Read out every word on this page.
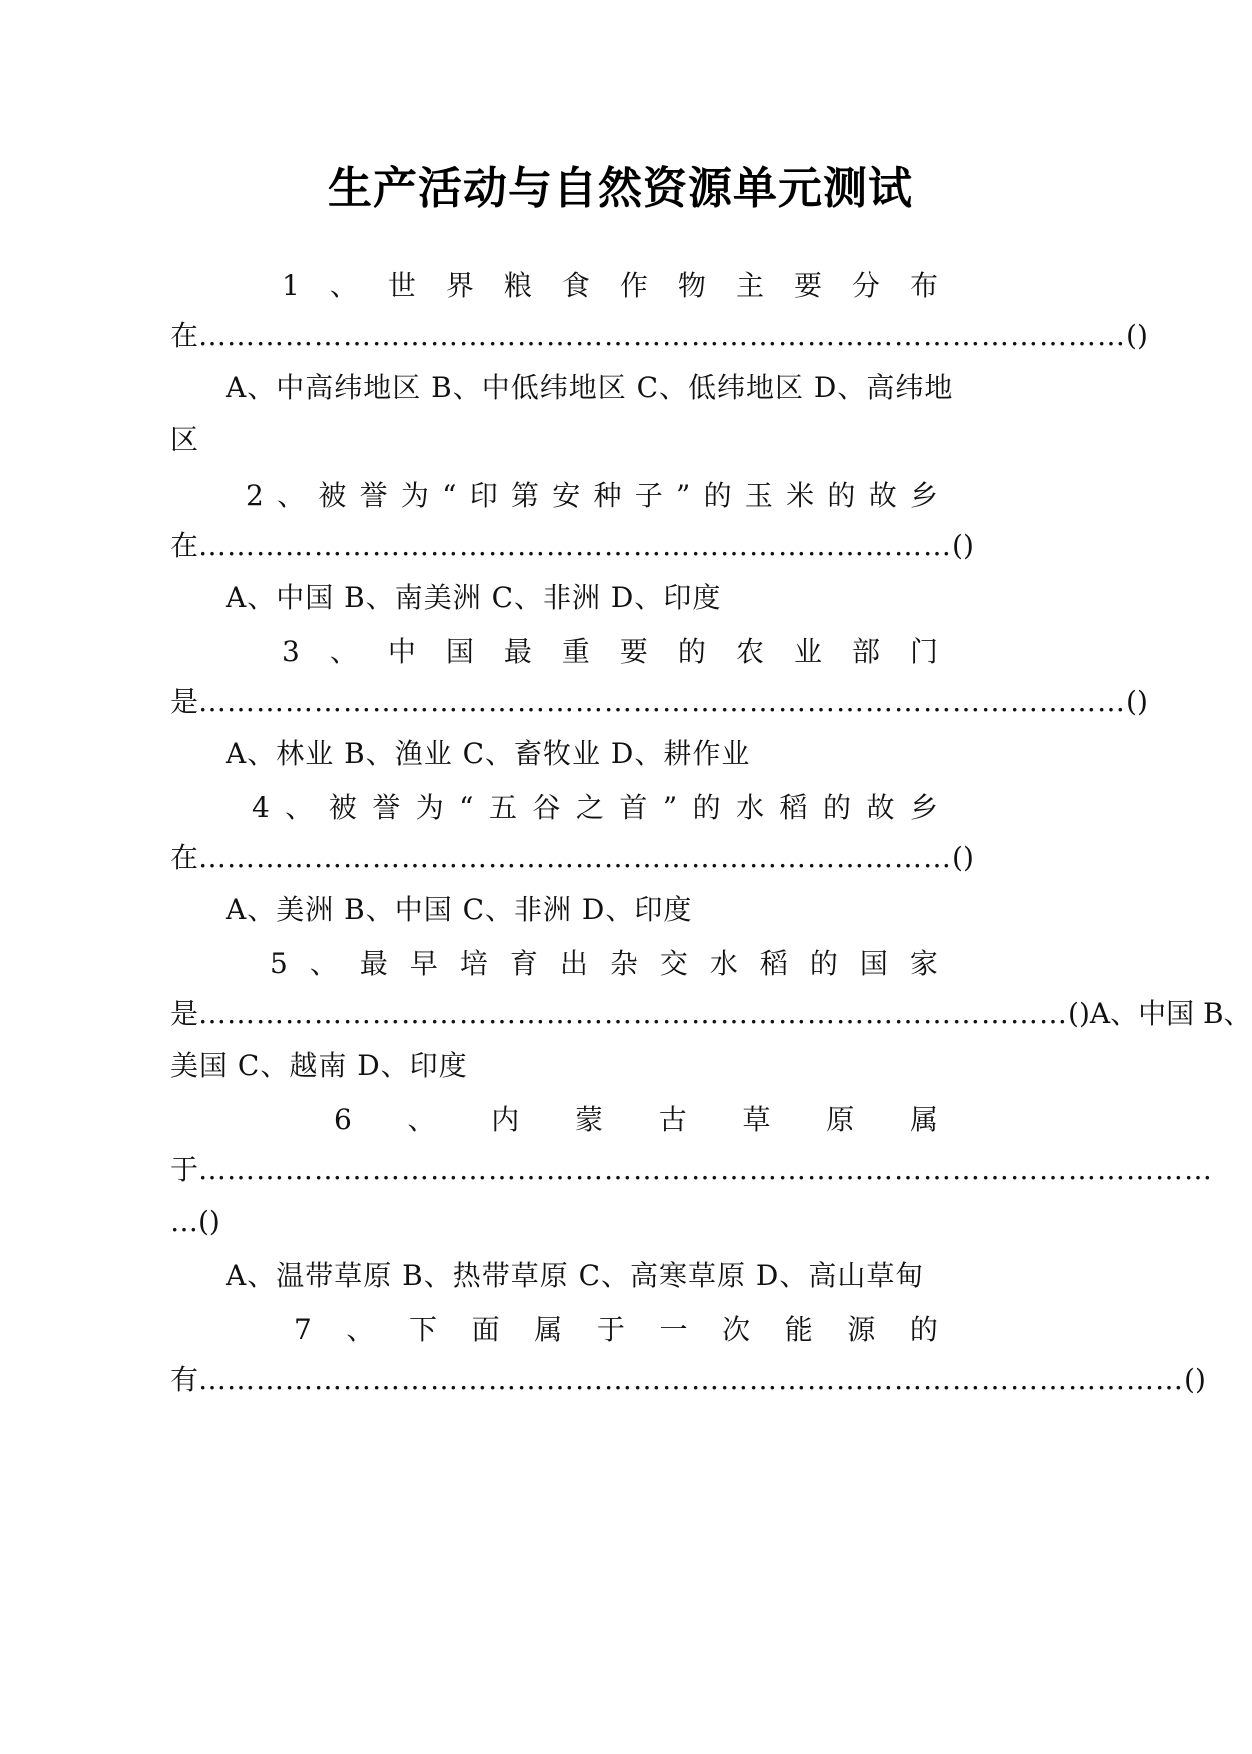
生产活动与自然资源单元测试
1 、 世 界 粮 食 作 物 主 要 分 布
在 …………………………………………………………………………………… ()
A、中高纬地区 B、中低纬地区 C、低纬地区 D、高纬地
区
2 、 被 誉 为 “ 印 第 安 种 子 ” 的 玉 米 的 故 乡
在 …………………………………………………………………… ()
A、中国 B、南美洲 C、非洲 D、印度
3 、 中 国 最 重 要 的 农 业 部 门
是 …………………………………………………………………………………… ()
A、林业 B、渔业 C、畜牧业 D、耕作业
4 、 被 誉 为 “ 五 谷 之 首 ” 的 水 稻 的 故 乡
在 …………………………………………………………………… ()
A、美洲 B、中国 C、非洲 D、印度
5 、 最 早 培 育 出 杂 交 水 稻 的 国 家
是 ……………………………………………………………………………… ()A、中国 B、
美国 C、越南 D、印度
6 、 内 蒙 古 草 原 属
于 ……………………………………………………………………………………………
… ()
A、温带草原 B、热带草原 C、高寒草原 D、高山草甸
7 、 下 面 属 于 一 次 能 源 的
有 ………………………………………………………………………………………… ()
